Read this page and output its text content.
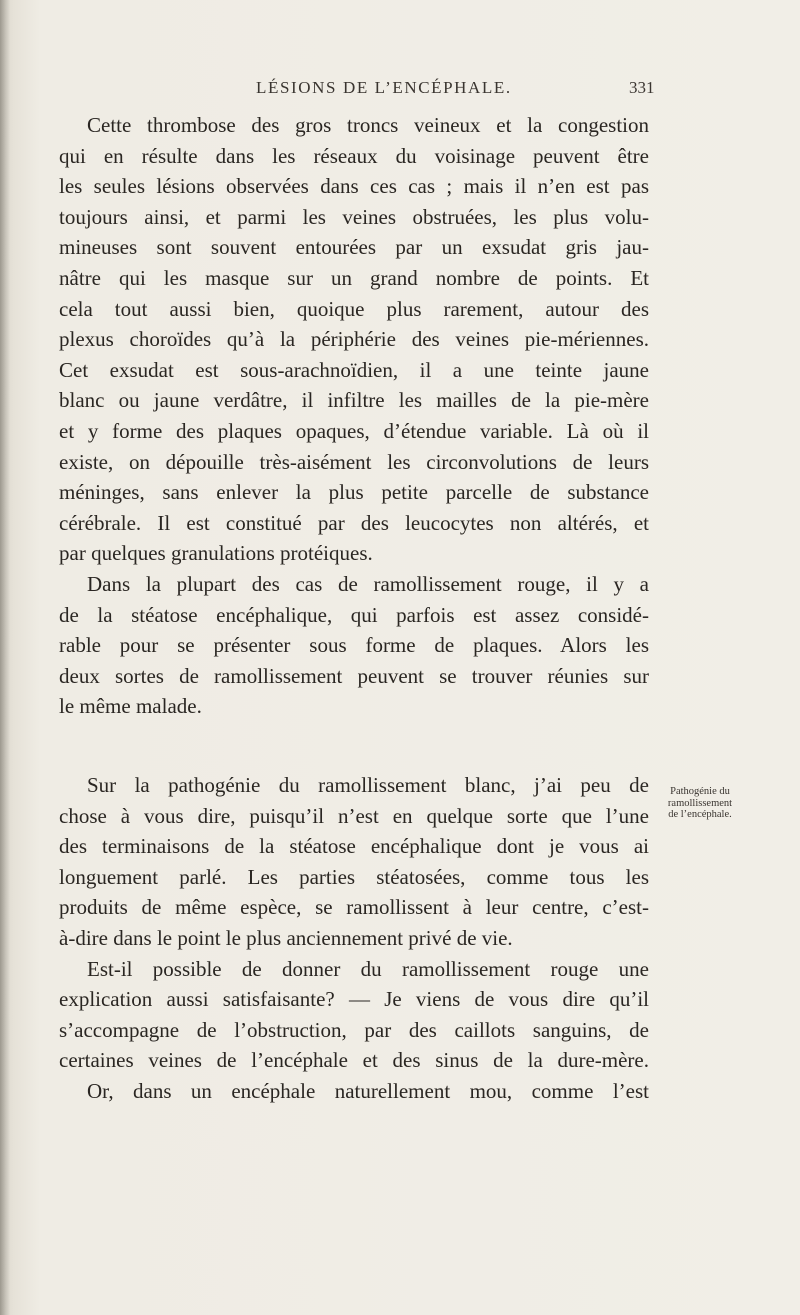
LÉSIONS DE L’ENCÉPHALE.	331

Cette thrombose des gros troncs veineux et la congestion
qui en résulte dans les réseaux du voisinage peuvent être
les seules lésions observées dans ces cas ; mais il n’en est pas
toujours ainsi, et parmi les veines obstruées, les plus volu-
mineuses sont souvent entourées par un exsudat gris jau-
nâtre qui les masque sur un grand nombre de points. Et
cela tout aussi bien, quoique plus rarement, autour des
plexus choroïdes qu’à la périphérie des veines pie-mériennes.
Cet exsudat est sous-arachnoïdien, il a une teinte jaune
blanc ou jaune verdâtre, il infiltre les mailles de la pie-mère
et y forme des plaques opaques, d’étendue variable. Là où il
existe, on dépouille très-aisément les circonvolutions de leurs
méninges, sans enlever la plus petite parcelle de substance
cérébrale. Il est constitué par des leucocytes non altérés, et
par quelques granulations protéiques.

Dans la plupart des cas de ramollissement rouge, il y a
de la stéatose encéphalique, qui parfois est assez considé-
rable pour se présenter sous forme de plaques. Alors les
deux sortes de ramollissement peuvent se trouver réunies sur
le même malade.

Pathogénie du
ramollissement
de l’encéphale.

Sur la pathogénie du ramollissement blanc, j’ai peu de
chose à vous dire, puisqu’il n’est en quelque sorte que l’une
des terminaisons de la stéatose encéphalique dont je vous ai
longuement parlé. Les parties stéatosées, comme tous les
produits de même espèce, se ramollissent à leur centre, c’est-
à-dire dans le point le plus anciennement privé de vie.

Est-il possible de donner du ramollissement rouge une
explication aussi satisfaisante? — Je viens de vous dire qu’il
s’accompagne de l’obstruction, par des caillots sanguins, de
certaines veines de l’encéphale et des sinus de la dure-mère.
Or, dans un encéphale naturellement mou, comme l’est
